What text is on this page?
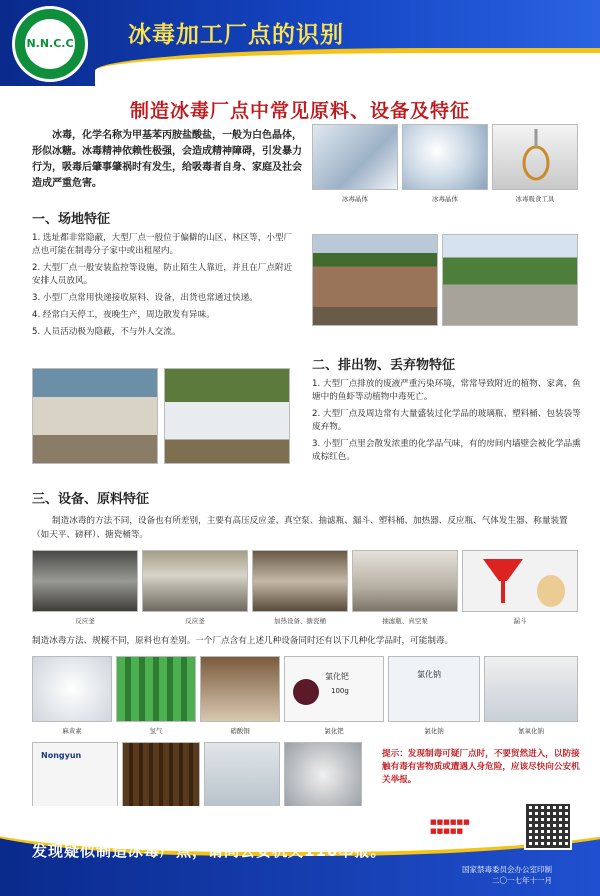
N.N.C.C 冰毒加工厂点的识别
制造冰毒厂点中常见原料、设备及特征
冰毒，化学名称为甲基苯丙胺盐酸盐，一般为白色晶体，形似冰糖。冰毒精神依赖性极强，会造成精神障碍，引发暴力行为，吸毒后肇事肇祸时有发生，给吸毒者自身、家庭及社会造成严重危害。
冰毒晶体	冰毒晶体	冰毒吸食工具
一、场地特征
1. 选址都非常隐蔽，大型厂点一般位于偏僻的山区、林区等，小型厂点也可能在制毒分子家中或出租屋内。
2. 大型厂点一般安装监控等设施，防止陌生人靠近，并且在厂点附近安排人员放风。
3. 小型厂点常用快递接收原料、设备，出货也常通过快递。
4. 经常白天停工，夜晚生产，周边散发有异味。
5. 人员活动极为隐蔽，不与外人交流。
二、排出物、丢弃物特征
1. 大型厂点排放的废液严重污染环境，常常导致附近的植物、家禽、鱼塘中的鱼虾等动植物中毒死亡。
2. 大型厂点及周边常有大量盛装过化学品的玻璃瓶、塑料桶、包装袋等废弃物。
3. 小型厂点里会散发浓重的化学品气味，有的房间内墙壁会被化学品熏成棕红色。
三、设备、原料特征
制造冰毒的方法不同，设备也有所差别，主要有高压反应釜、真空泵、抽滤瓶、漏斗、塑料桶、加热器、反应瓶、气体发生器、称量装置（如天平、磅秤）、搪瓷桶等。
反应釜	反应釜	加热设备、搪瓷桶	抽滤瓶、真空泵	漏斗
制造冰毒方法、规模不同，原料也有差别。一个厂点含有上述几种设备同时还有以下几种化学品时，可能制毒。
氯化钯
100g
氯化钠
麻黄素	氢气	硝酸铜	氯化钯	氯化钠	氰氧化钠
Nongyun	提示：发现制毒可疑厂点时，不要贸然进入，以防接触有毒有害物质或遭遇人身危险，应该尽快向公安机关举报。
■■■■■■
■■■■■
发现疑似制造冰毒厂点，请向公安机关110举报。
国家禁毒委员会办公室印制
二〇一七年十一月
